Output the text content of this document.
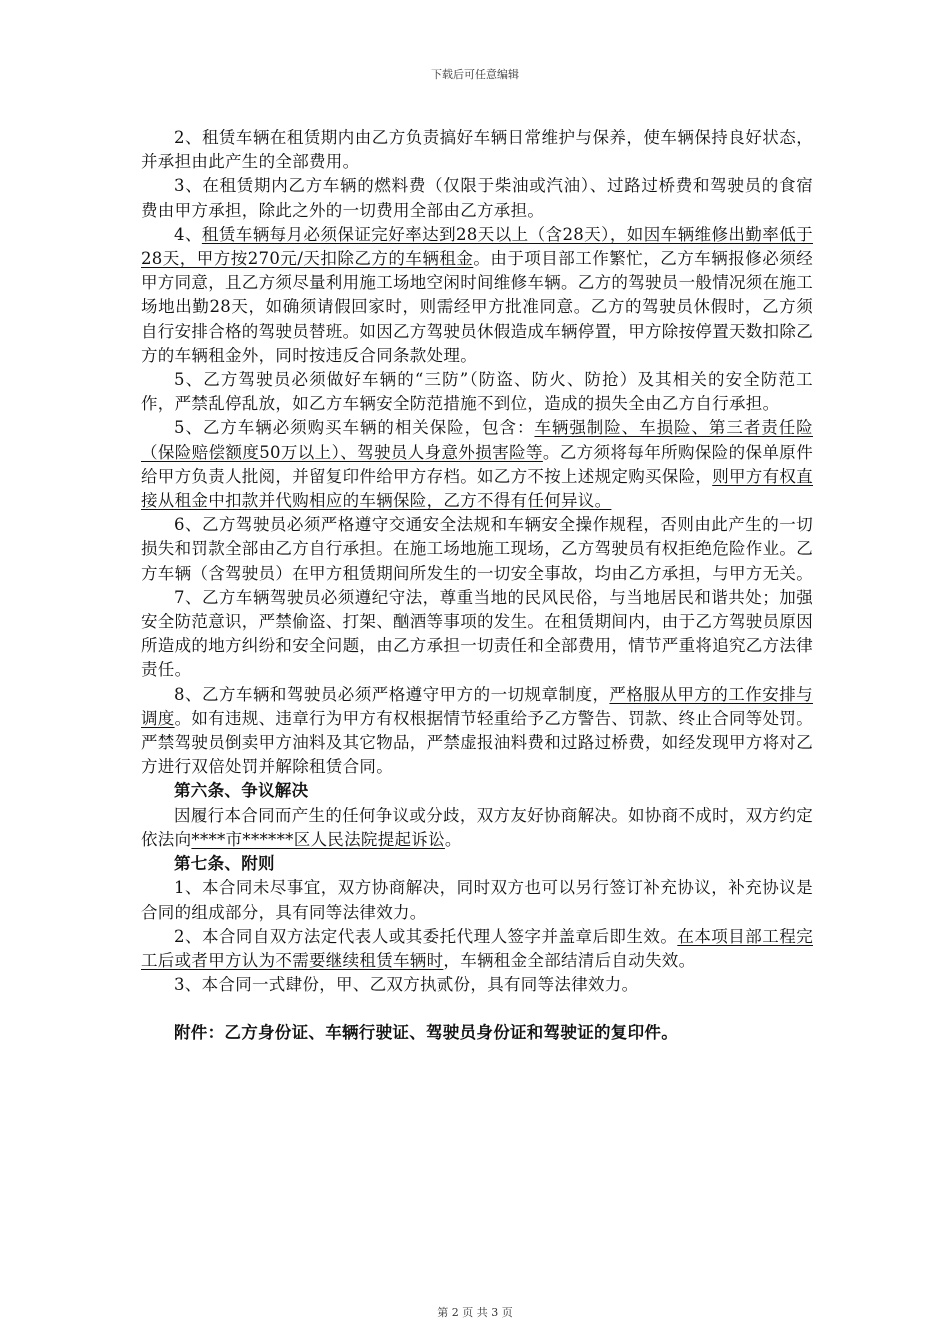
下载后可任意编辑

2、租赁车辆在租赁期内由乙方负责搞好车辆日常维护与保养，使车辆保持良好状态，并承担由此产生的全部费用。

3、在租赁期内乙方车辆的燃料费（仅限于柴油或汽油）、过路过桥费和驾驶员的食宿费由甲方承担，除此之外的一切费用全部由乙方承担。

4、租赁车辆每月必须保证完好率达到28天以上（含28天），如因车辆维修出勤率低于28天，甲方按270元/天扣除乙方的车辆租金。由于项目部工作繁忙，乙方车辆报修必须经甲方同意，且乙方须尽量利用施工场地空闲时间维修车辆。乙方的驾驶员一般情况须在施工场地出勤28天，如确须请假回家时，则需经甲方批准同意。乙方的驾驶员休假时，乙方须自行安排合格的驾驶员替班。如因乙方驾驶员休假造成车辆停置，甲方除按停置天数扣除乙方的车辆租金外，同时按违反合同条款处理。

5、乙方驾驶员必须做好车辆的“三防”（防盗、防火、防抢）及其相关的安全防范工作，严禁乱停乱放，如乙方车辆安全防范措施不到位，造成的损失全由乙方自行承担。

5、乙方车辆必须购买车辆的相关保险，包含：车辆强制险、车损险、第三者责任险（保险赔偿额度50万以上）、驾驶员人身意外损害险等。乙方须将每年所购保险的保单原件给甲方负责人批阅，并留复印件给甲方存档。如乙方不按上述规定购买保险，则甲方有权直接从租金中扣款并代购相应的车辆保险，乙方不得有任何异议。

6、乙方驾驶员必须严格遵守交通安全法规和车辆安全操作规程，否则由此产生的一切损失和罚款全部由乙方自行承担。在施工场地施工现场，乙方驾驶员有权拒绝危险作业。乙方车辆（含驾驶员）在甲方租赁期间所发生的一切安全事故，均由乙方承担，与甲方无关。

7、乙方车辆驾驶员必须遵纪守法，尊重当地的民风民俗，与当地居民和谐共处；加强安全防范意识，严禁偷盗、打架、酗酒等事项的发生。在租赁期间内，由于乙方驾驶员原因所造成的地方纠纷和安全问题，由乙方承担一切责任和全部费用，情节严重将追究乙方法律责任。

8、乙方车辆和驾驶员必须严格遵守甲方的一切规章制度，严格服从甲方的工作安排与调度。如有违规、违章行为甲方有权根据情节轻重给予乙方警告、罚款、终止合同等处罚。严禁驾驶员倒卖甲方油料及其它物品，严禁虚报油料费和过路过桥费，如经发现甲方将对乙方进行双倍处罚并解除租赁合同。

第六条、争议解决

因履行本合同而产生的任何争议或分歧，双方友好协商解决。如协商不成时，双方约定依法向****市******区人民法院提起诉讼。

第七条、附则

1、本合同未尽事宜，双方协商解决，同时双方也可以另行签订补充协议，补充协议是合同的组成部分，具有同等法律效力。

2、本合同自双方法定代表人或其委托代理人签字并盖章后即生效。在本项目部工程完工后或者甲方认为不需要继续租赁车辆时，车辆租金全部结清后自动失效。

3、本合同一式肆份，甲、乙双方执贰份，具有同等法律效力。

附件：乙方身份证、车辆行驶证、驾驶员身份证和驾驶证的复印件。

第 2 页 共 3 页
